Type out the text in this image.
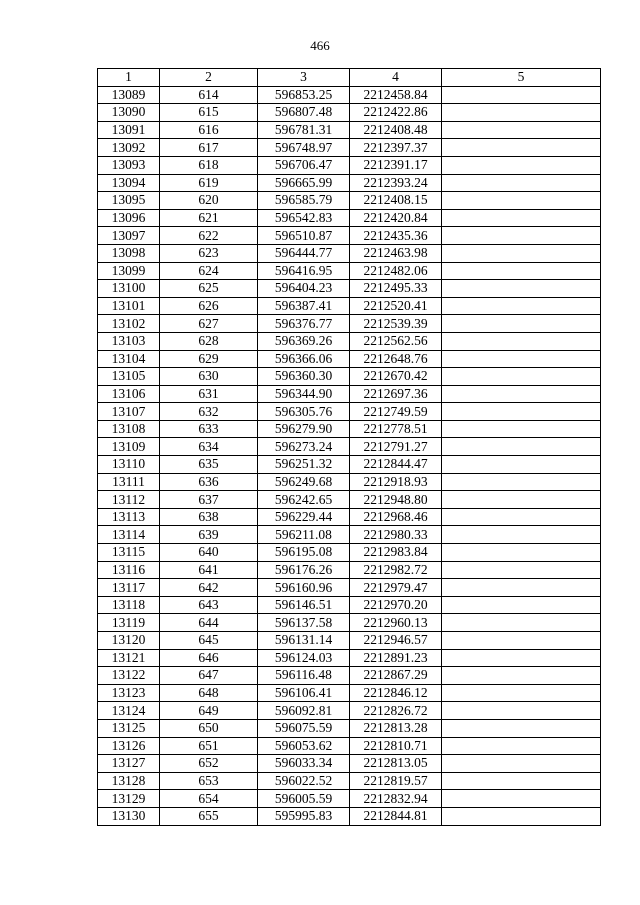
466
1	2	3	4	5
13089	614	596853.25	2212458.84	
13090	615	596807.48	2212422.86	
13091	616	596781.31	2212408.48	
13092	617	596748.97	2212397.37	
13093	618	596706.47	2212391.17	
13094	619	596665.99	2212393.24	
13095	620	596585.79	2212408.15	
13096	621	596542.83	2212420.84	
13097	622	596510.87	2212435.36	
13098	623	596444.77	2212463.98	
13099	624	596416.95	2212482.06	
13100	625	596404.23	2212495.33	
13101	626	596387.41	2212520.41	
13102	627	596376.77	2212539.39	
13103	628	596369.26	2212562.56	
13104	629	596366.06	2212648.76	
13105	630	596360.30	2212670.42	
13106	631	596344.90	2212697.36	
13107	632	596305.76	2212749.59	
13108	633	596279.90	2212778.51	
13109	634	596273.24	2212791.27	
13110	635	596251.32	2212844.47	
13111	636	596249.68	2212918.93	
13112	637	596242.65	2212948.80	
13113	638	596229.44	2212968.46	
13114	639	596211.08	2212980.33	
13115	640	596195.08	2212983.84	
13116	641	596176.26	2212982.72	
13117	642	596160.96	2212979.47	
13118	643	596146.51	2212970.20	
13119	644	596137.58	2212960.13	
13120	645	596131.14	2212946.57	
13121	646	596124.03	2212891.23	
13122	647	596116.48	2212867.29	
13123	648	596106.41	2212846.12	
13124	649	596092.81	2212826.72	
13125	650	596075.59	2212813.28	
13126	651	596053.62	2212810.71	
13127	652	596033.34	2212813.05	
13128	653	596022.52	2212819.57	
13129	654	596005.59	2212832.94	
13130	655	595995.83	2212844.81	
